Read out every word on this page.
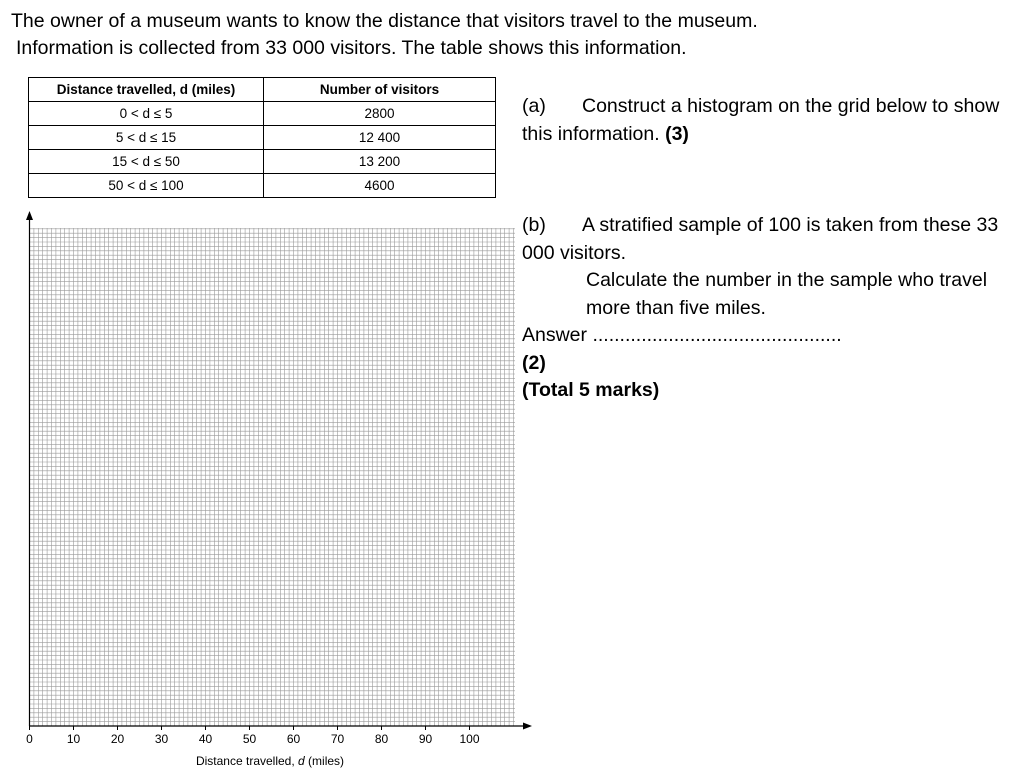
The owner of a museum wants to know the distance that visitors travel to the museum.
Information is collected from 33 000 visitors. The table shows this information.
Distance travelled, d (miles)	Number of visitors
0 < d ≤ 5	2800
5 < d ≤ 15	12 400
15 < d ≤ 50	13 200
50 < d ≤ 100	4600
(a) Construct a histogram on the grid below to show this information. (3)
(b) A stratified sample of 100 is taken from these 33 000 visitors.
Calculate the number in the sample who travel more than five miles.
Answer ..............................................
(2)
(Total 5 marks)
0	10	20	30	40	50	60	70	80	90 100
Distance travelled, d (miles)
